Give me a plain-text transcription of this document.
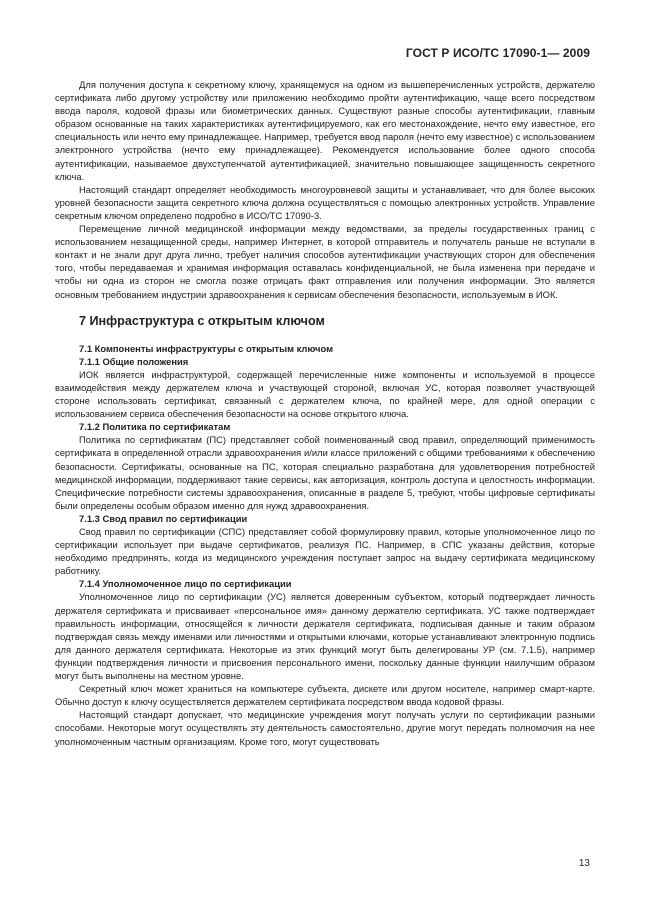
ГОСТ Р ИСО/ТС 17090-1— 2009

Для получения доступа к секретному ключу, хранящемуся на одном из вышеперечисленных устройств, держателю сертификата либо другому устройству или приложению необходимо пройти аутентификацию, чаще всего посредством ввода пароля, кодовой фразы или биометрических данных. Существуют разные способы аутентификации, главным образом основанные на таких характеристиках аутентифицируемого, как его местонахождение, нечто ему известное, его специальность или нечто ему принадлежащее. Например, требуется ввод пароля (нечто ему известное) с использованием электронного устройства (нечто ему принадлежащее). Рекомендуется использование более одного способа аутентификации, называемое двухступенчатой аутентификацией, значительно повышающее защищенность секретного ключа.

Настоящий стандарт определяет необходимость многоуровневой защиты и устанавливает, что для более высоких уровней безопасности защита секретного ключа должна осуществляться с помощью электронных устройств. Управление секретным ключом определено подробно в ИСО/ТС 17090-3.

Перемещение личной медицинской информации между ведомствами, за пределы государственных границ с использованием незащищенной среды, например Интернет, в которой отправитель и получатель раньше не вступали в контакт и не знали друг друга лично, требует наличия способов аутентификации участвующих сторон для обеспечения того, чтобы передаваемая и хранимая информация оставалась конфиденциальной, не была изменена при передаче и чтобы ни одна из сторон не смогла позже отрицать факт отправления или получения информации. Это является основным требованием индустрии здравоохранения к сервисам обеспечения безопасности, используемым в ИОК.

7 Инфраструктура с открытым ключом
7.1 Компоненты инфраструктуры с открытым ключом
7.1.1 Общие положения

ИОК является инфраструктурой, содержащей перечисленные ниже компоненты и используемой в процессе взаимодействия между держателем ключа и участвующей стороной, включая УС, которая позволяет участвующей стороне использовать сертификат, связанный с держателем ключа, по крайней мере, для одной операции с использованием сервиса обеспечения безопасности на основе открытого ключа.

7.1.2 Политика по сертификатам

Политика по сертификатам (ПС) представляет собой поименованный свод правил, определяющий применимость сертификата в определенной отрасли здравоохранения и/или классе приложений с общими требованиями к обеспечению безопасности. Сертификаты, основанные на ПС, которая специально разработана для удовлетворения потребностей медицинской информации, поддерживают такие сервисы, как авторизация, контроль доступа и целостность информации. Специфические потребности системы здравоохранения, описанные в разделе 5, требуют, чтобы цифровые сертификаты были определены особым образом именно для нужд здравоохранения.

7.1.3 Свод правил по сертификации

Свод правил по сертификации (СПС) представляет собой формулировку правил, которые уполномоченное лицо по сертификации использует при выдаче сертификатов, реализуя ПС. Например, в СПС указаны действия, которые необходимо предпринять, когда из медицинского учреждения поступает запрос на выдачу сертификата медицинскому работнику.

7.1.4 Уполномоченное лицо по сертификации

Уполномоченное лицо по сертификации (УС) является доверенным субъектом, который подтверждает личность держателя сертификата и присваивает «персональное имя» данному держателю сертификата. УС также подтверждает правильность информации, относящейся к личности держателя сертификата, подписывая данные и таким образом подтверждая связь между именами или личностями и открытыми ключами, которые устанавливают электронную подпись для данного держателя сертификата. Некоторые из этих функций могут быть делегированы УР (см. 7.1.5), например функции подтверждения личности и присвоения персонального имени, поскольку данные функции наилучшим образом могут быть выполнены на местном уровне.

Секретный ключ может храниться на компьютере субъекта, дискете или другом носителе, например смарт-карте. Обычно доступ к ключу осуществляется держателем сертификата посредством ввода кодовой фразы.

Настоящий стандарт допускает, что медицинские учреждения могут получать услуги по сертификации разными способами. Некоторые могут осуществлять эту деятельность самостоятельно, другие могут передать полномочия на нее уполномоченным частным организациям. Кроме того, могут существовать

13
